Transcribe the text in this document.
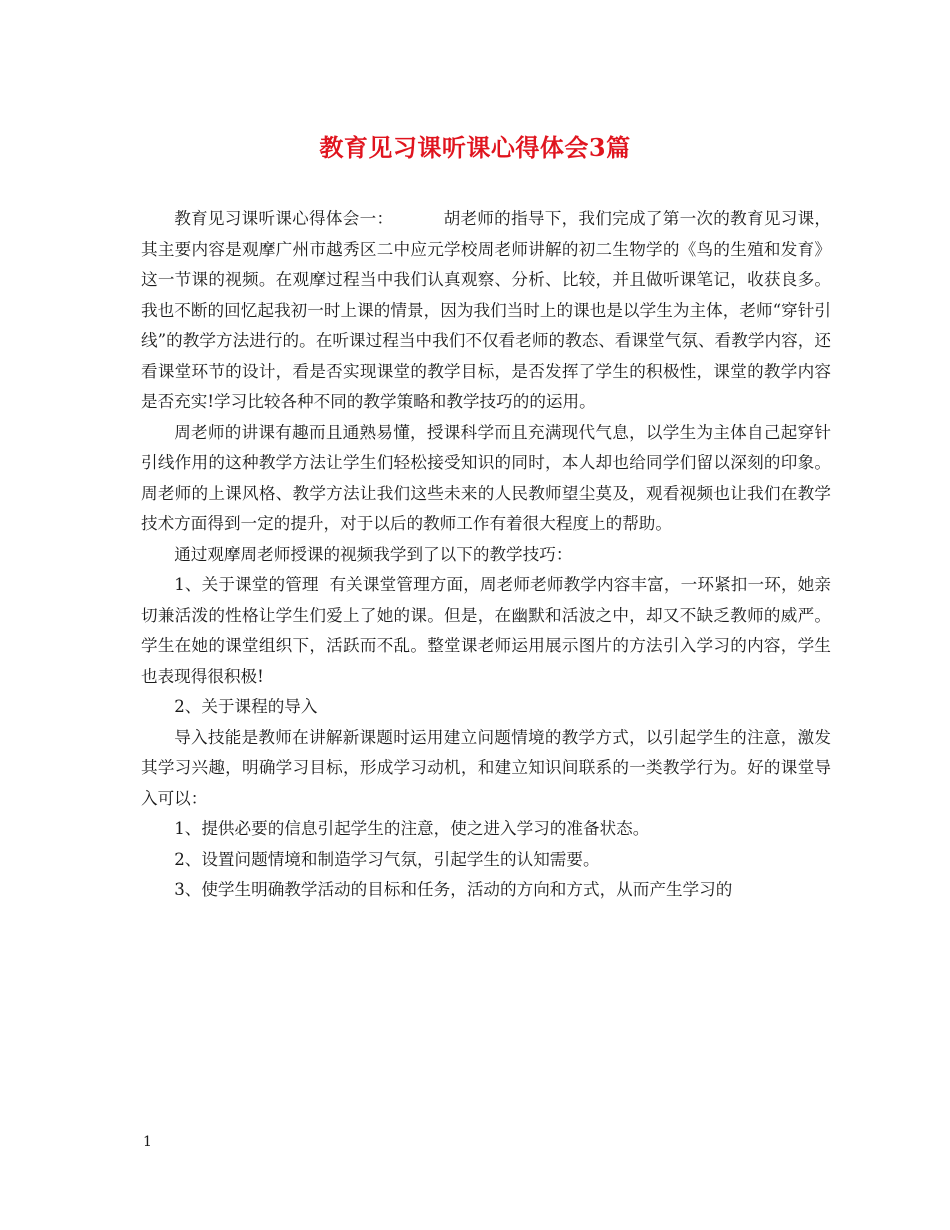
教育见习课听课心得体会3篇

教育见习课听课心得体会一：	胡老师的指导下，我们完成了第一次的教育见习课，其主要内容是观摩广州市越秀区二中应元学校周老师讲解的初二生物学的《鸟的生殖和发育》这一节课的视频。在观摩过程当中我们认真观察、分析、比较，并且做听课笔记，收获良多。我也不断的回忆起我初一时上课的情景，因为我们当时上的课也是以学生为主体，老师“穿针引线”的教学方法进行的。在听课过程当中我们不仅看老师的教态、看课堂气氛、看教学内容，还看课堂环节的设计，看是否实现课堂的教学目标，是否发挥了学生的积极性，课堂的教学内容是否充实!学习比较各种不同的教学策略和教学技巧的的运用。

周老师的讲课有趣而且通熟易懂，授课科学而且充满现代气息，以学生为主体自己起穿针引线作用的这种教学方法让学生们轻松接受知识的同时，本人却也给同学们留以深刻的印象。周老师的上课风格、教学方法让我们这些未来的人民教师望尘莫及，观看视频也让我们在教学技术方面得到一定的提升，对于以后的教师工作有着很大程度上的帮助。

通过观摩周老师授课的视频我学到了以下的教学技巧：

1、关于课堂的管理  有关课堂管理方面，周老师老师教学内容丰富，一环紧扣一环，她亲切兼活泼的性格让学生们爱上了她的课。但是，在幽默和活波之中，却又不缺乏教师的威严。学生在她的课堂组织下，活跃而不乱。整堂课老师运用展示图片的方法引入学习的内容，学生也表现得很积极!

2、关于课程的导入

导入技能是教师在讲解新课题时运用建立问题情境的教学方式，以引起学生的注意，激发其学习兴趣，明确学习目标，形成学习动机，和建立知识间联系的一类教学行为。好的课堂导入可以：

1、提供必要的信息引起学生的注意，使之进入学习的准备状态。

2、设置问题情境和制造学习气氛，引起学生的认知需要。

3、使学生明确教学活动的目标和任务，活动的方向和方式，从而产生学习的

1
